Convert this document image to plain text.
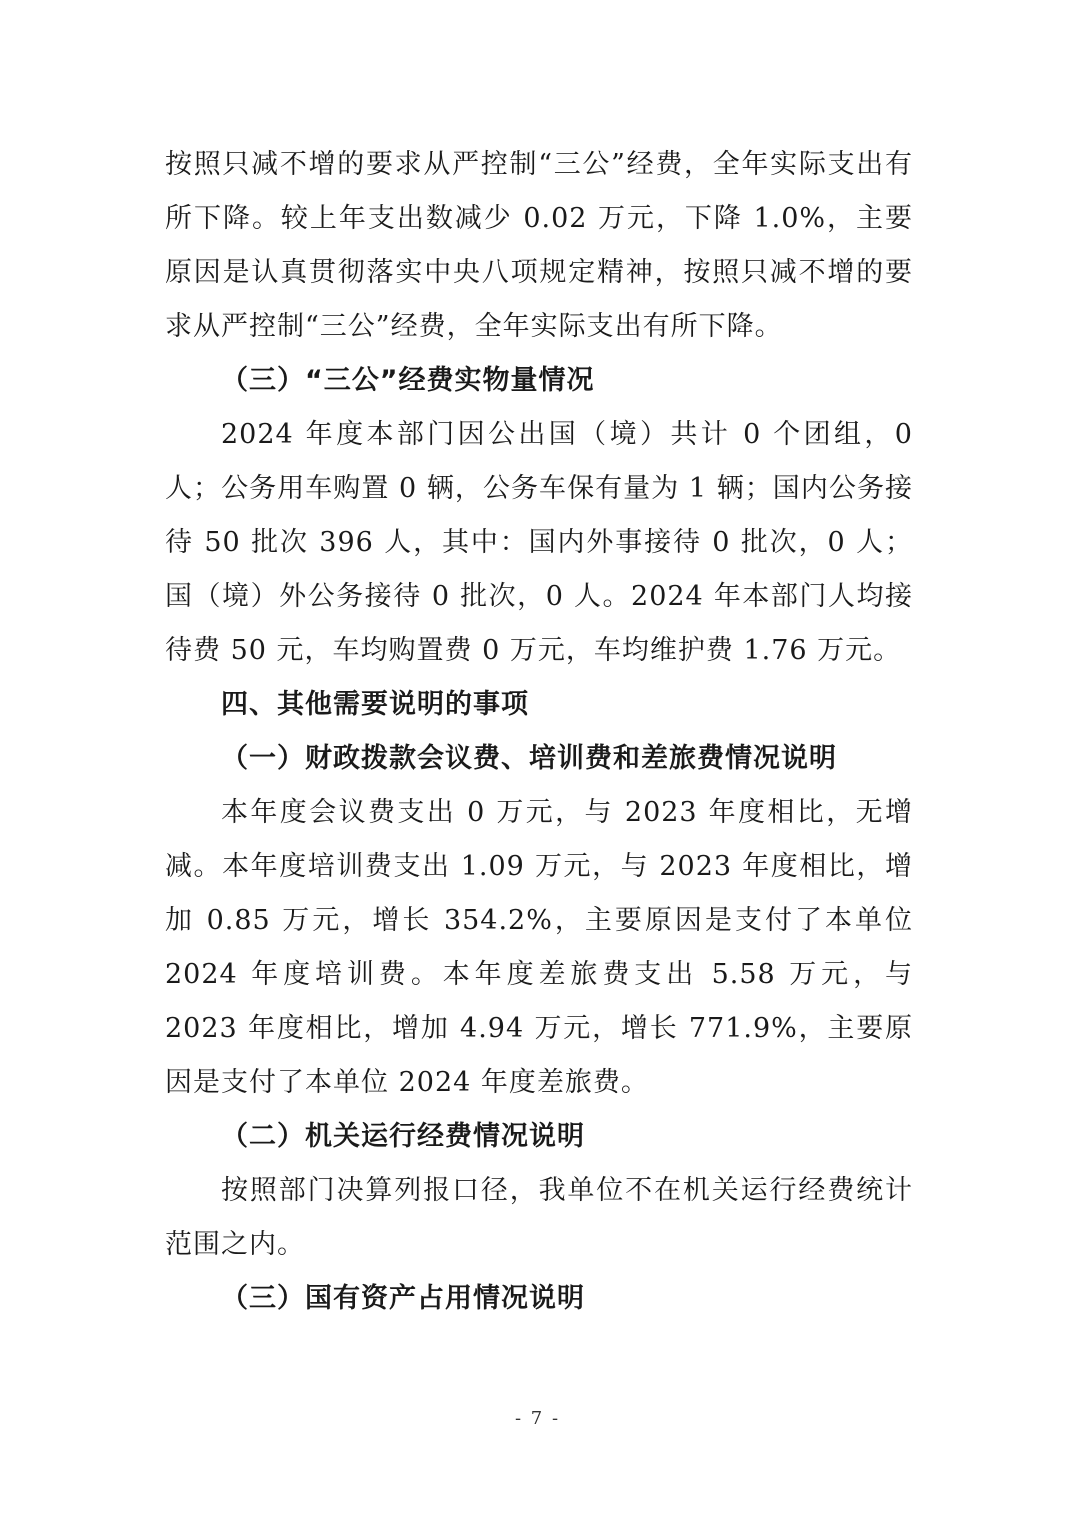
按照只减不增的要求从严控制“三公”经费，全年实际支出有所下降。较上年支出数减少 0.02 万元，下降 1.0%，主要原因是认真贯彻落实中央八项规定精神，按照只减不增的要求从严控制“三公”经费，全年实际支出有所下降。

（三）“三公”经费实物量情况

2024 年度本部门因公出国（境）共计 0 个团组，0 人；公务用车购置 0 辆，公务车保有量为 1 辆；国内公务接待 50 批次 396 人，其中：国内外事接待 0 批次，0 人；国（境）外公务接待 0 批次，0 人。2024 年本部门人均接待费 50 元，车均购置费 0 万元，车均维护费 1.76 万元。

四、其他需要说明的事项

（一）财政拨款会议费、培训费和差旅费情况说明

本年度会议费支出 0 万元，与 2023 年度相比，无增减。本年度培训费支出 1.09 万元，与 2023 年度相比，增加 0.85 万元，增长 354.2%，主要原因是支付了本单位 2024 年度培训费。本年度差旅费支出 5.58 万元，与 2023 年度相比，增加 4.94 万元，增长 771.9%，主要原因是支付了本单位 2024 年度差旅费。

（二）机关运行经费情况说明

按照部门决算列报口径，我单位不在机关运行经费统计范围之内。

（三）国有资产占用情况说明

- 7 -
